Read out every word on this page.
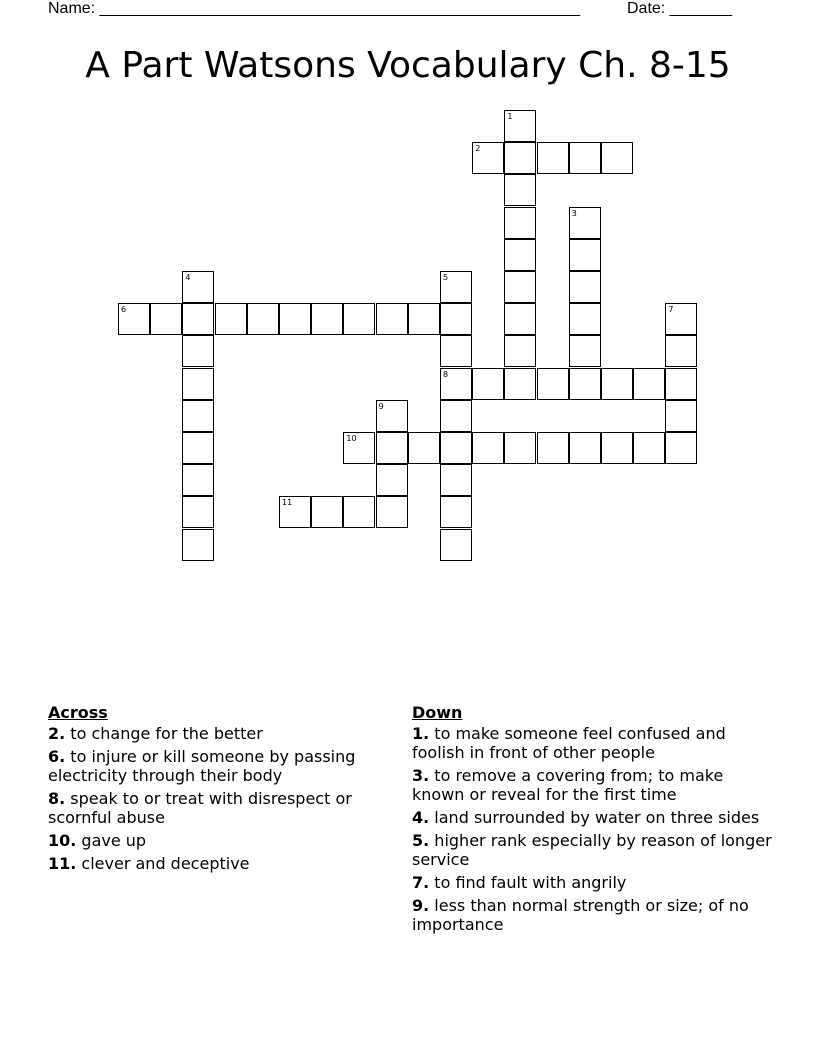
Name: ______________________________________________________	Date: _______
A Part Watsons Vocabulary Ch. 8-15
1
2
3
4	5
8
6	7
9
10
11
Across
2. to change for the better
6. to injure or kill someone by passing electricity through their body
8. speak to or treat with disrespect or scornful abuse
10. gave up
11. clever and deceptive
Down
1. to make someone feel confused and foolish in front of other people
3. to remove a covering from; to make known or reveal for the first time
4. land surrounded by water on three sides
5. higher rank especially by reason of longer service
7. to find fault with angrily
9. less than normal strength or size; of no importance
